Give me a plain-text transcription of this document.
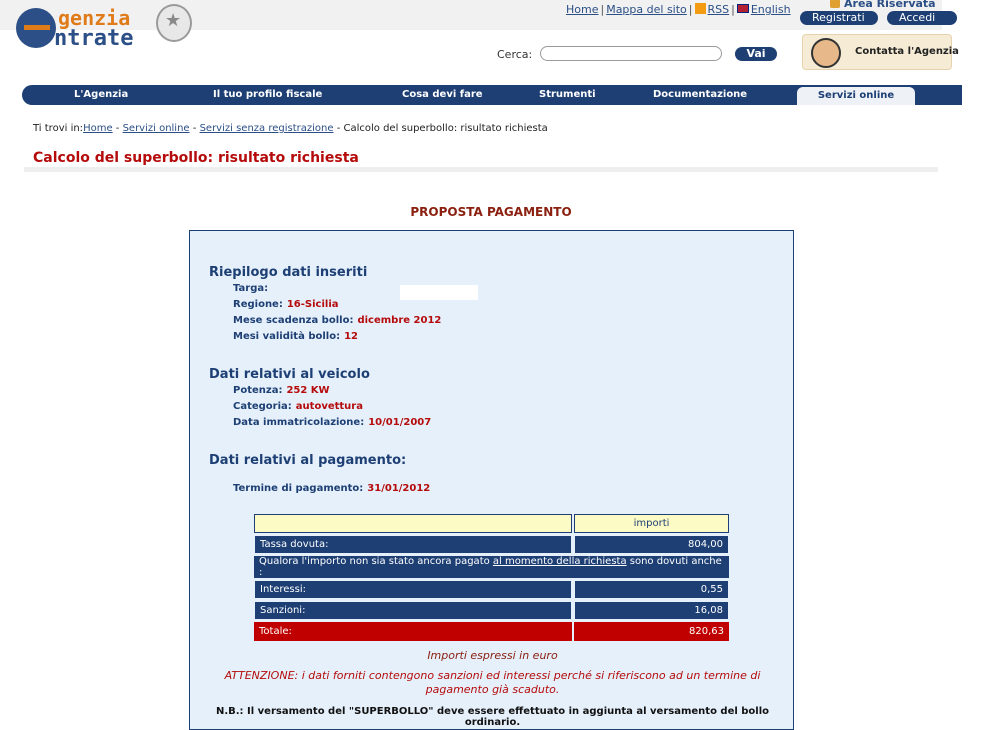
genzia
ntrate
★
Home | Mappa del sito | RSS | English	Area Riservata
Registrati	Accedi
Cerca:	Vai	Contatta l'Agenzia
L'Agenzia	Il tuo profilo fiscale	Cosa devi fare	Strumenti	Documentazione	Servizi online
Ti trovi in:Home - Servizi online - Servizi senza registrazione - Calcolo del superbollo: risultato richiesta
Calcolo del superbollo: risultato richiesta
PROPOSTA PAGAMENTO
Riepilogo dati inseriti
Targa:
Regione: 16-Sicilia
Mese scadenza bollo: dicembre 2012
Mesi validità bollo: 12
Dati relativi al veicolo
Potenza: 252 KW
Categoria: autovettura
Data immatricolazione: 10/01/2007
Dati relativi al pagamento:
Termine di pagamento: 31/01/2012
	importi
Tassa dovuta:	804,00
Qualora l'importo non sia stato ancora pagato al momento della richiesta sono dovuti anche :	
Interessi:	0,55
Sanzioni:	16,08
Totale:	820,63
Importi espressi in euro
ATTENZIONE: i dati forniti contengono sanzioni ed interessi perché si riferiscono ad un termine di pagamento già scaduto.
N.B.: Il versamento del "SUPERBOLLO" deve essere effettuato in aggiunta al versamento del bollo ordinario.
